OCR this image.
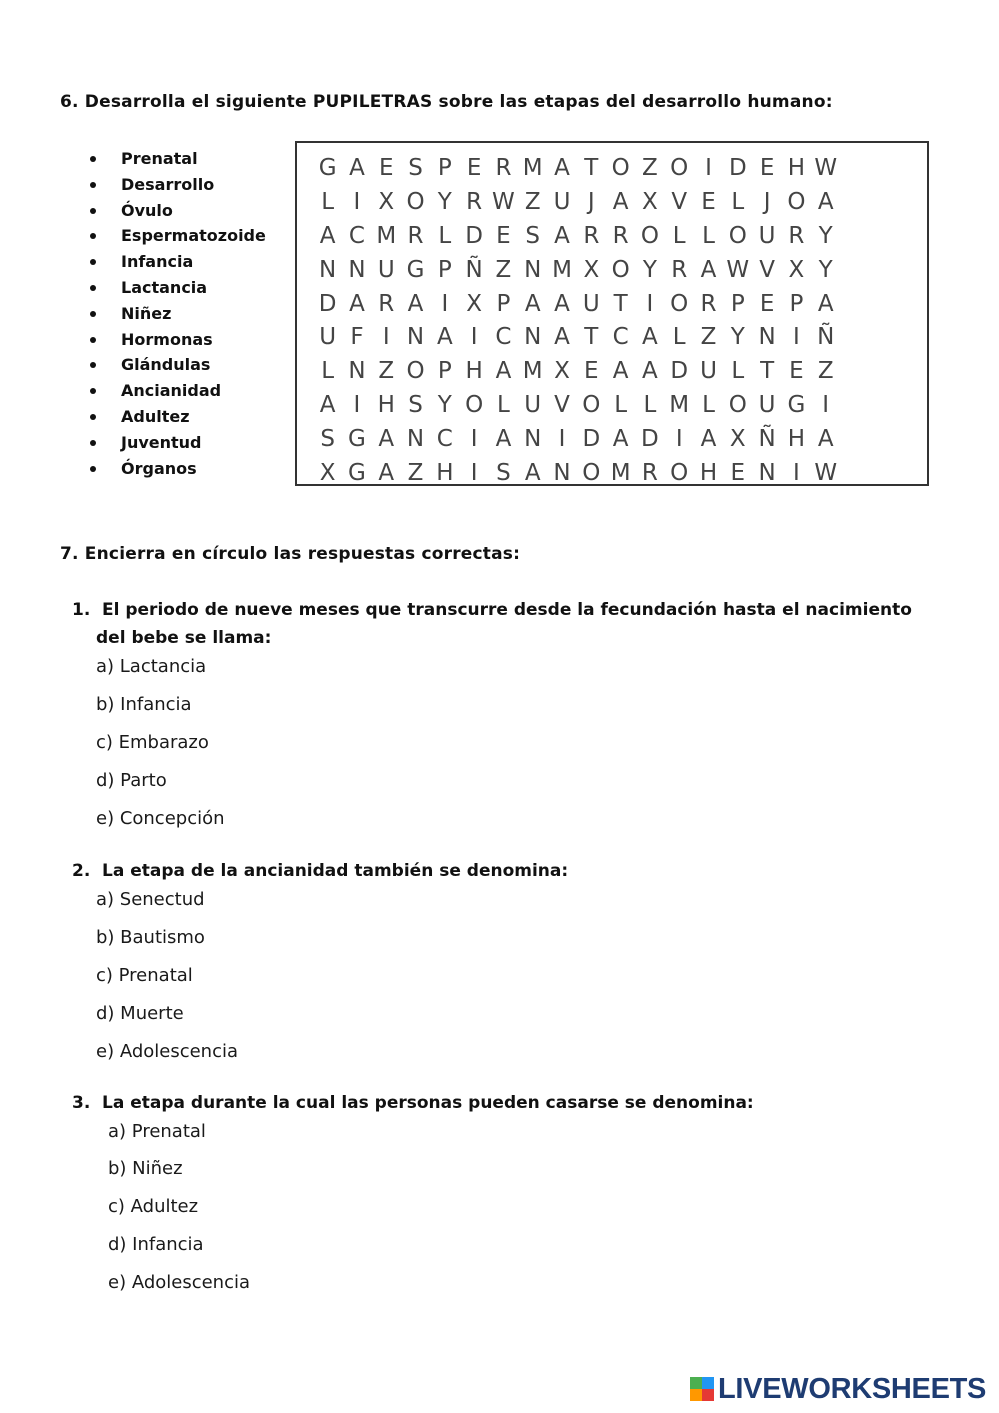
6. Desarrolla el siguiente PUPILETRAS sobre las etapas del desarrollo humano:
Prenatal
Desarrollo
Óvulo
Espermatozoide
Infancia
Lactancia
Niñez
Hormonas
Glándulas
Ancianidad
Adultez
Juventud
Órganos
G A E S P E R M A T O Z O I D E H W
L I X O Y R W Z U J A X V E L J O A
A C M R L D E S A R R O L L O U R Y
N N U G P Ñ Z N M X O Y R A W V X Y
D A R A I X P A A U T I O R P E P A
U F I N A I C N A T C A L Z Y N I Ñ
L N Z O P H A M X E A A D U L T E Z
A I H S Y O L U V O L L M L O U G I
S G A N C I A N I D A D I A X Ñ H A
X G A Z H I S A N O M R O H E N I W
7. Encierra en círculo las respuestas correctas:
1. El periodo de nueve meses que transcurre desde la fecundación hasta el nacimiento
del bebe se llama:
a) Lactancia
b) Infancia
c) Embarazo
d) Parto
e) Concepción
2. La etapa de la ancianidad también se denomina:
a) Senectud
b) Bautismo
c) Prenatal
d) Muerte
e) Adolescencia
3. La etapa durante la cual las personas pueden casarse se denomina:
a) Prenatal
b) Niñez
c) Adultez
d) Infancia
e) Adolescencia
LIVEWORKSHEETS
